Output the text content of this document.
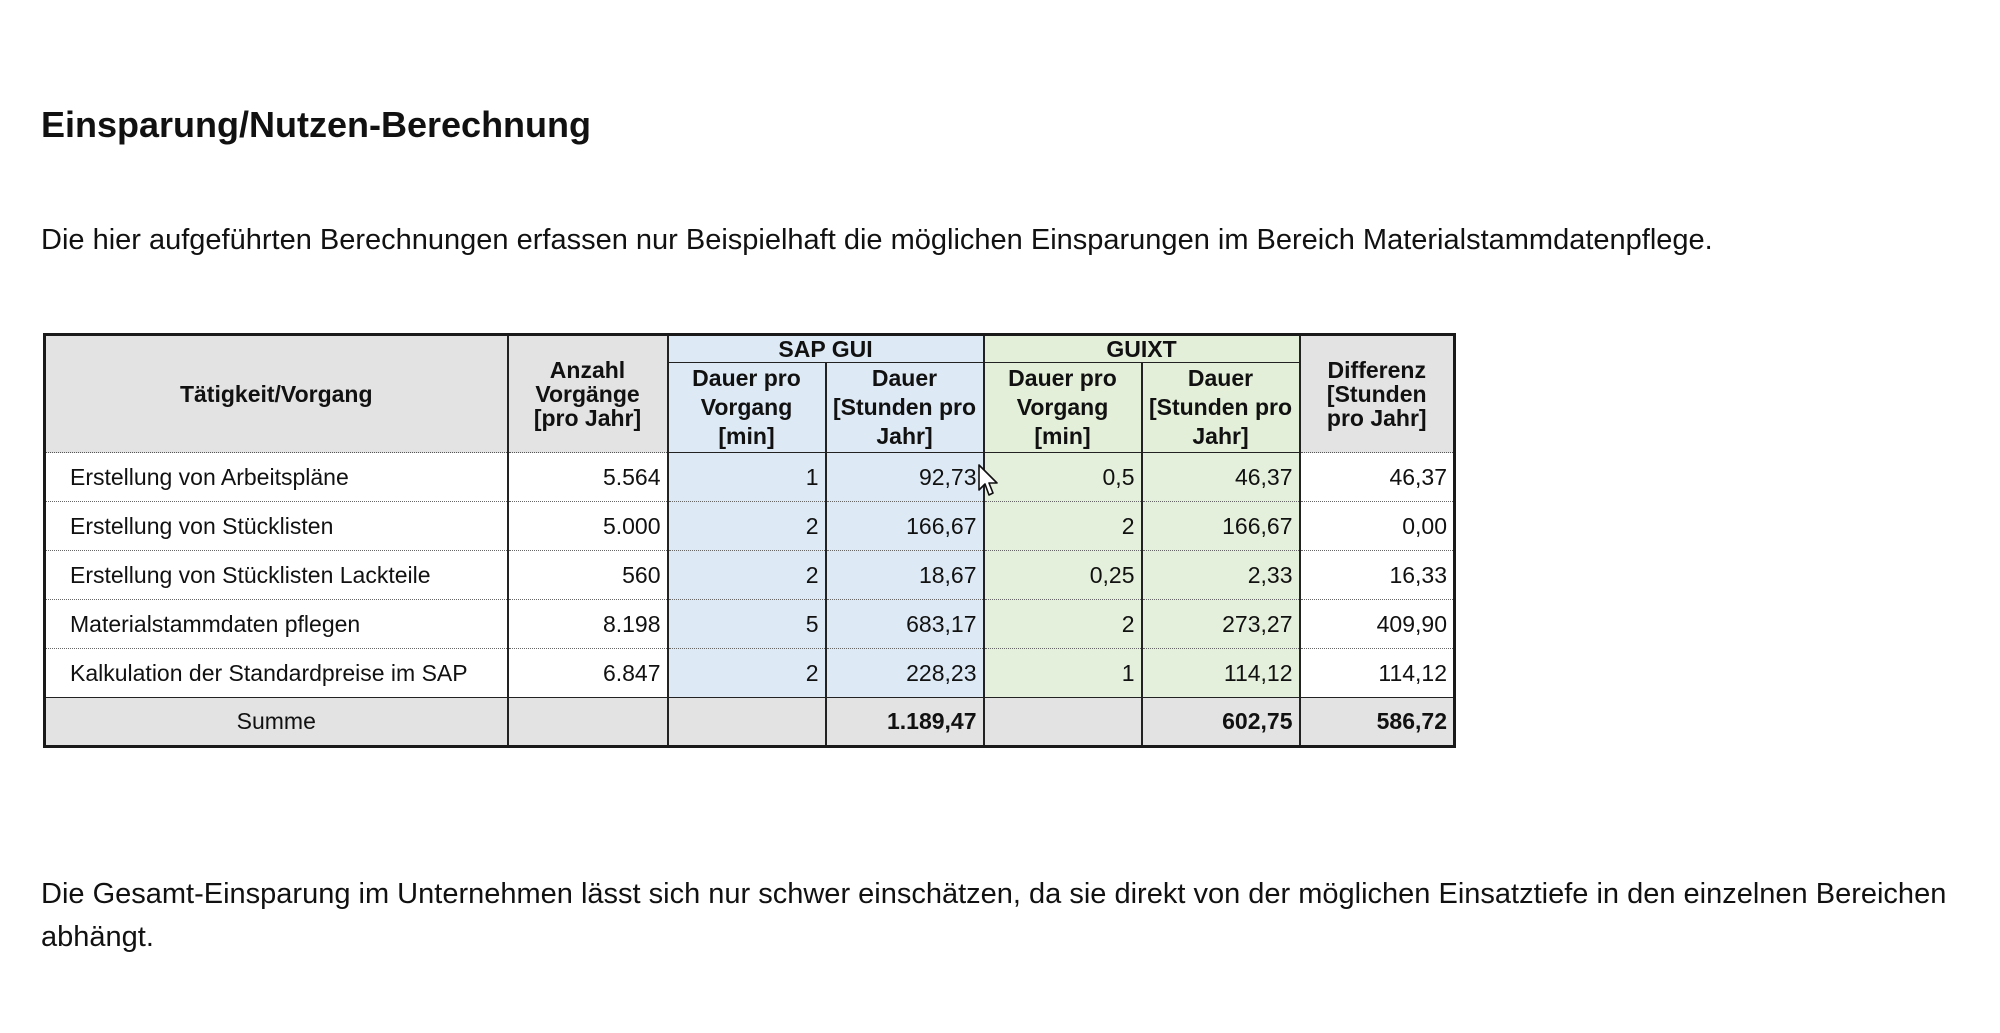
Einsparung/Nutzen-Berechnung
Die hier aufgeführten Berechnungen erfassen nur Beispielhaft die möglichen Einsparungen im Bereich Materialstammdatenpflege.
Tätigkeit/Vorgang	Anzahl Vorgänge [pro Jahr]	SAP GUI		GUIXT		Differenz [Stunden pro Jahr]
		Dauer pro Vorgang [min]	Dauer [Stunden pro Jahr]	Dauer pro Vorgang [min]	Dauer [Stunden pro Jahr]	
Erstellung von Arbeitspläne	5.564	1	92,73	0,5	46,37	46,37
Erstellung von Stücklisten	5.000	2	166,67	2	166,67	0,00
Erstellung von Stücklisten Lackteile	560	2	18,67	0,25	2,33	16,33
Materialstammdaten pflegen	8.198	5	683,17	2	273,27	409,90
Kalkulation der Standardpreise im SAP	6.847	2	228,23	1	114,12	114,12
Summe			1.189,47		602,75	586,72
Die Gesamt-Einsparung im Unternehmen lässt sich nur schwer einschätzen, da sie direkt von der möglichen Einsatztiefe in den einzelnen Bereichen abhängt.
